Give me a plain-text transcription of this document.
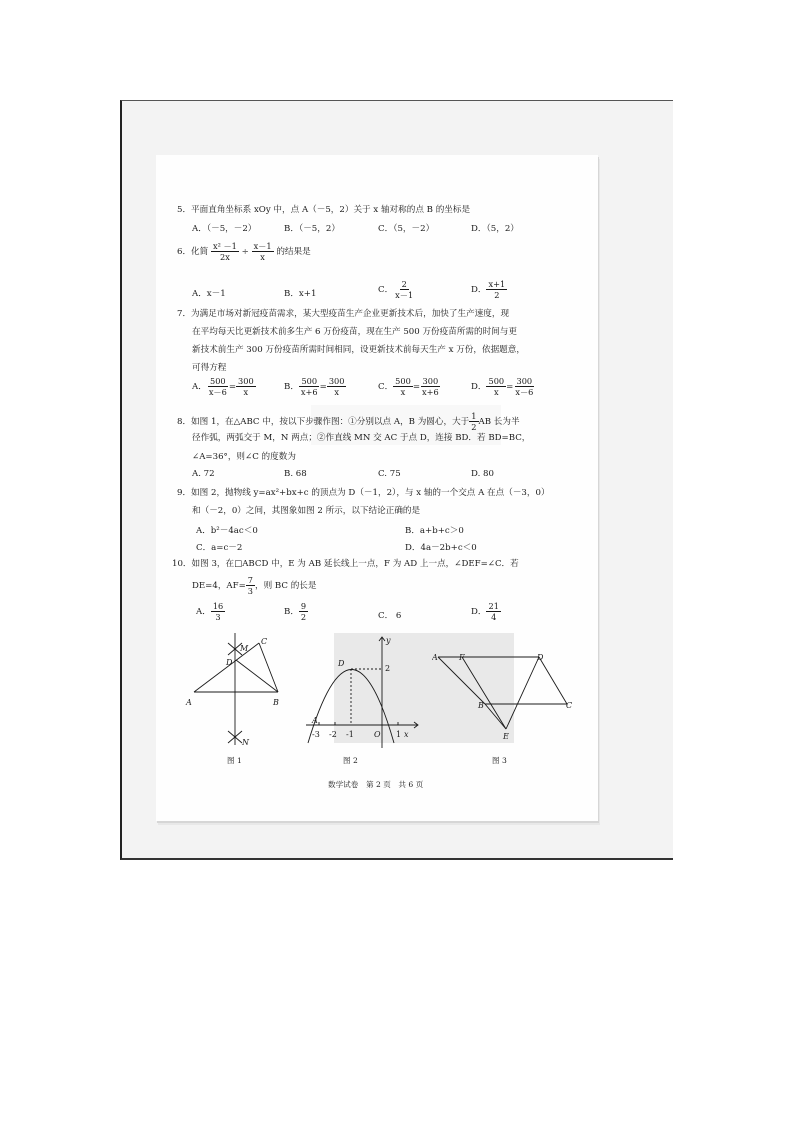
5．平面直角坐标系 xOy 中，点 A（－5，2）关于 x 轴对称的点 B 的坐标是
A．（－5，－2）	B．（－5，2）	C．（5，－2）	D．（5，2）
6．化简 $\frac{\text{x² －1}}{2x} \div \frac{x-1}{x}$ 的结果是
A．x－1	B．x+1	C． $\frac{2}{x-1}$	D． $\frac{x+1}{2}$
7．为满足市场对新冠疫苗需求，某大型疫苗生产企业更新技术后，加快了生产速度，现
在平均每天比更新技术前多生产 6 万份疫苗，现在生产 500 万份疫苗所需的时间与更
新技术前生产 300 万份疫苗所需时间相同，设更新技术前每天生产 x 万份，依据题意，
可得方程
A． $\frac{500}{x-6} = \frac{300}{x}$	B． $\frac{500}{x+6} = \frac{300}{x}$	C． $\frac{500}{x} = \frac{300}{x+6}$	D． $\frac{500}{x} = \frac{300}{x-6}$
8．如图 1，在△ABC 中，按以下步骤作图：①分别以点 A，B 为圆心，大于 $\frac{1}{2}$ AB 长为半
径作弧，两弧交于 M，N 两点；②作直线 MN 交 AC 于点 D，连接 BD．若 BD=BC，
∠A=36°，则∠C 的度数为
A. 72	B. 68	C. 75	D. 80
9．如图 2，抛物线 y=ax²+bx+c 的顶点为 D（－1，2），与 x 轴的一个交点 A 在点（－3，0）
和（－2，0）之间，其图象如图 2 所示，以下结论正确的是
A．b²－4ac＜0	B．a+b+c＞0
C．a=c－2	D．4a－2b+c＜0
10．如图 3，在□ABCD 中，E 为 AB 延长线上一点，F 为 AD 上一点，∠DEF=∠C．若
DE=4，$AF= \frac{7}{3}$ ，则 BC 的长是
A． $\frac{16}{3}$	B． $\frac{9}{2}$	C． 6	D． $\frac{21}{4}$
A	B
C
D
M
N
图 1
y
x
D
A
O
2
-3 -2 -1	1
图 2
A	F	D
B	C
E
图 3
数学试卷　第 2 页　共 6 页
